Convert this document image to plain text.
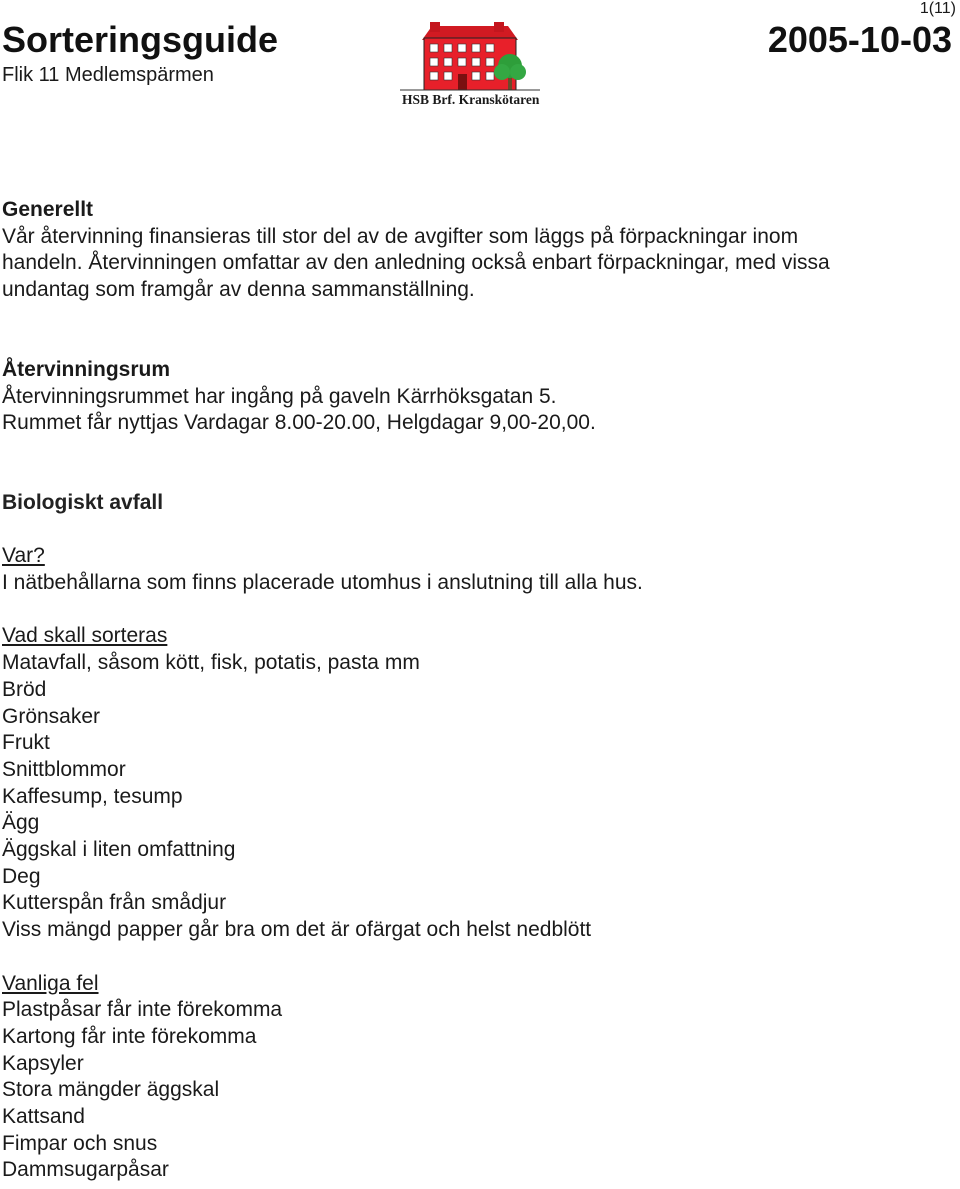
1(11)
Sorteringsguide
Flik 11 Medlemspärmen
2005-10-03
HSB Brf. Kranskötaren

Generellt

Vår återvinning finansieras till stor del av de avgifter som läggs på förpackningar inom

handeln. Återvinningen omfattar av den anledning också enbart förpackningar, med vissa

undantag som framgår av denna sammanställning.

Återvinningsrum

Återvinningsrummet har ingång på gaveln Kärrhöksgatan 5.

Rummet får nyttjas Vardagar 8.00-20.00, Helgdagar 9,00-20,00.

Biologiskt avfall

Var?

I nätbehållarna som finns placerade utomhus i anslutning till alla hus.

Vad skall sorteras

Matavfall, såsom kött, fisk, potatis, pasta mm
Bröd
Grönsaker
Frukt
Snittblommor
Kaffesump, tesump
Ägg
Äggskal i liten omfattning
Deg
Kutterspån från smådjur
Viss mängd papper går bra om det är ofärgat och helst nedblött

Vanliga fel

Plastpåsar får inte förekomma
Kartong får inte förekomma
Kapsyler
Stora mängder äggskal
Kattsand
Fimpar och snus
Dammsugarpåsar
